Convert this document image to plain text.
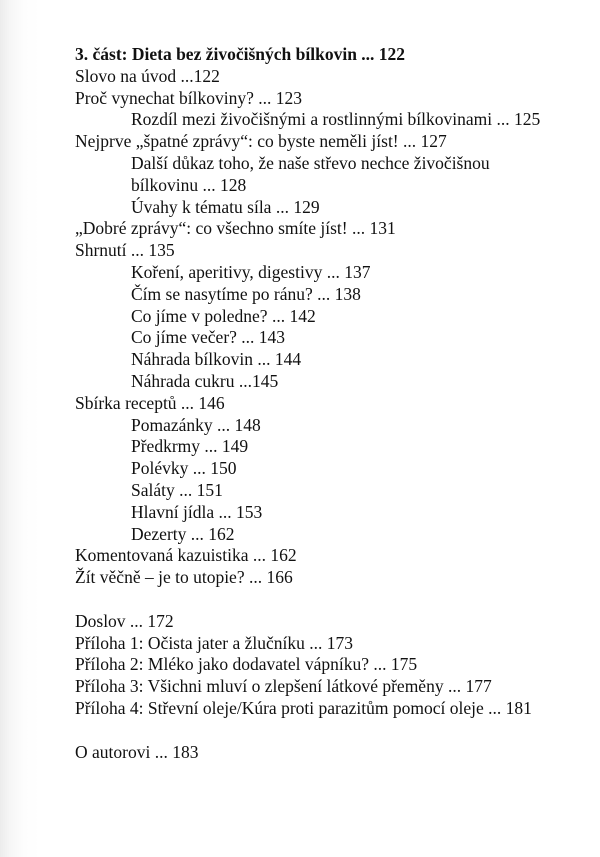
3. část: Dieta bez živočišných bílkovin ... 122
Slovo na úvod ...122
Proč vynechat bílkoviny? ... 123
Rozdíl mezi živočišnými a rostlinnými bílkovinami ... 125
Nejprve „špatné zprávy“: co byste neměli jíst! ... 127
Další důkaz toho, že naše střevo nechce živočišnou
bílkovinu ... 128
Úvahy k tématu síla ... 129
„Dobré zprávy“: co všechno smíte jíst! ... 131
Shrnutí ... 135
Koření, aperitivy, digestivy ... 137
Čím se nasytíme po ránu? ... 138
Co jíme v poledne? ... 142
Co jíme večer? ... 143
Náhrada bílkovin ... 144
Náhrada cukru ...145
Sbírka receptů ... 146
Pomazánky ... 148
Předkrmy ... 149
Polévky ... 150
Saláty ... 151
Hlavní jídla ... 153
Dezerty ... 162
Komentovaná kazuistika ... 162
Žít věčně – je to utopie? ... 166
Doslov ... 172
Příloha 1: Očista jater a žlučníku ... 173
Příloha 2: Mléko jako dodavatel vápníku? ... 175
Příloha 3: Všichni mluví o zlepšení látkové přeměny ... 177
Příloha 4: Střevní oleje/Kúra proti parazitům pomocí oleje ... 181
O autorovi ... 183
